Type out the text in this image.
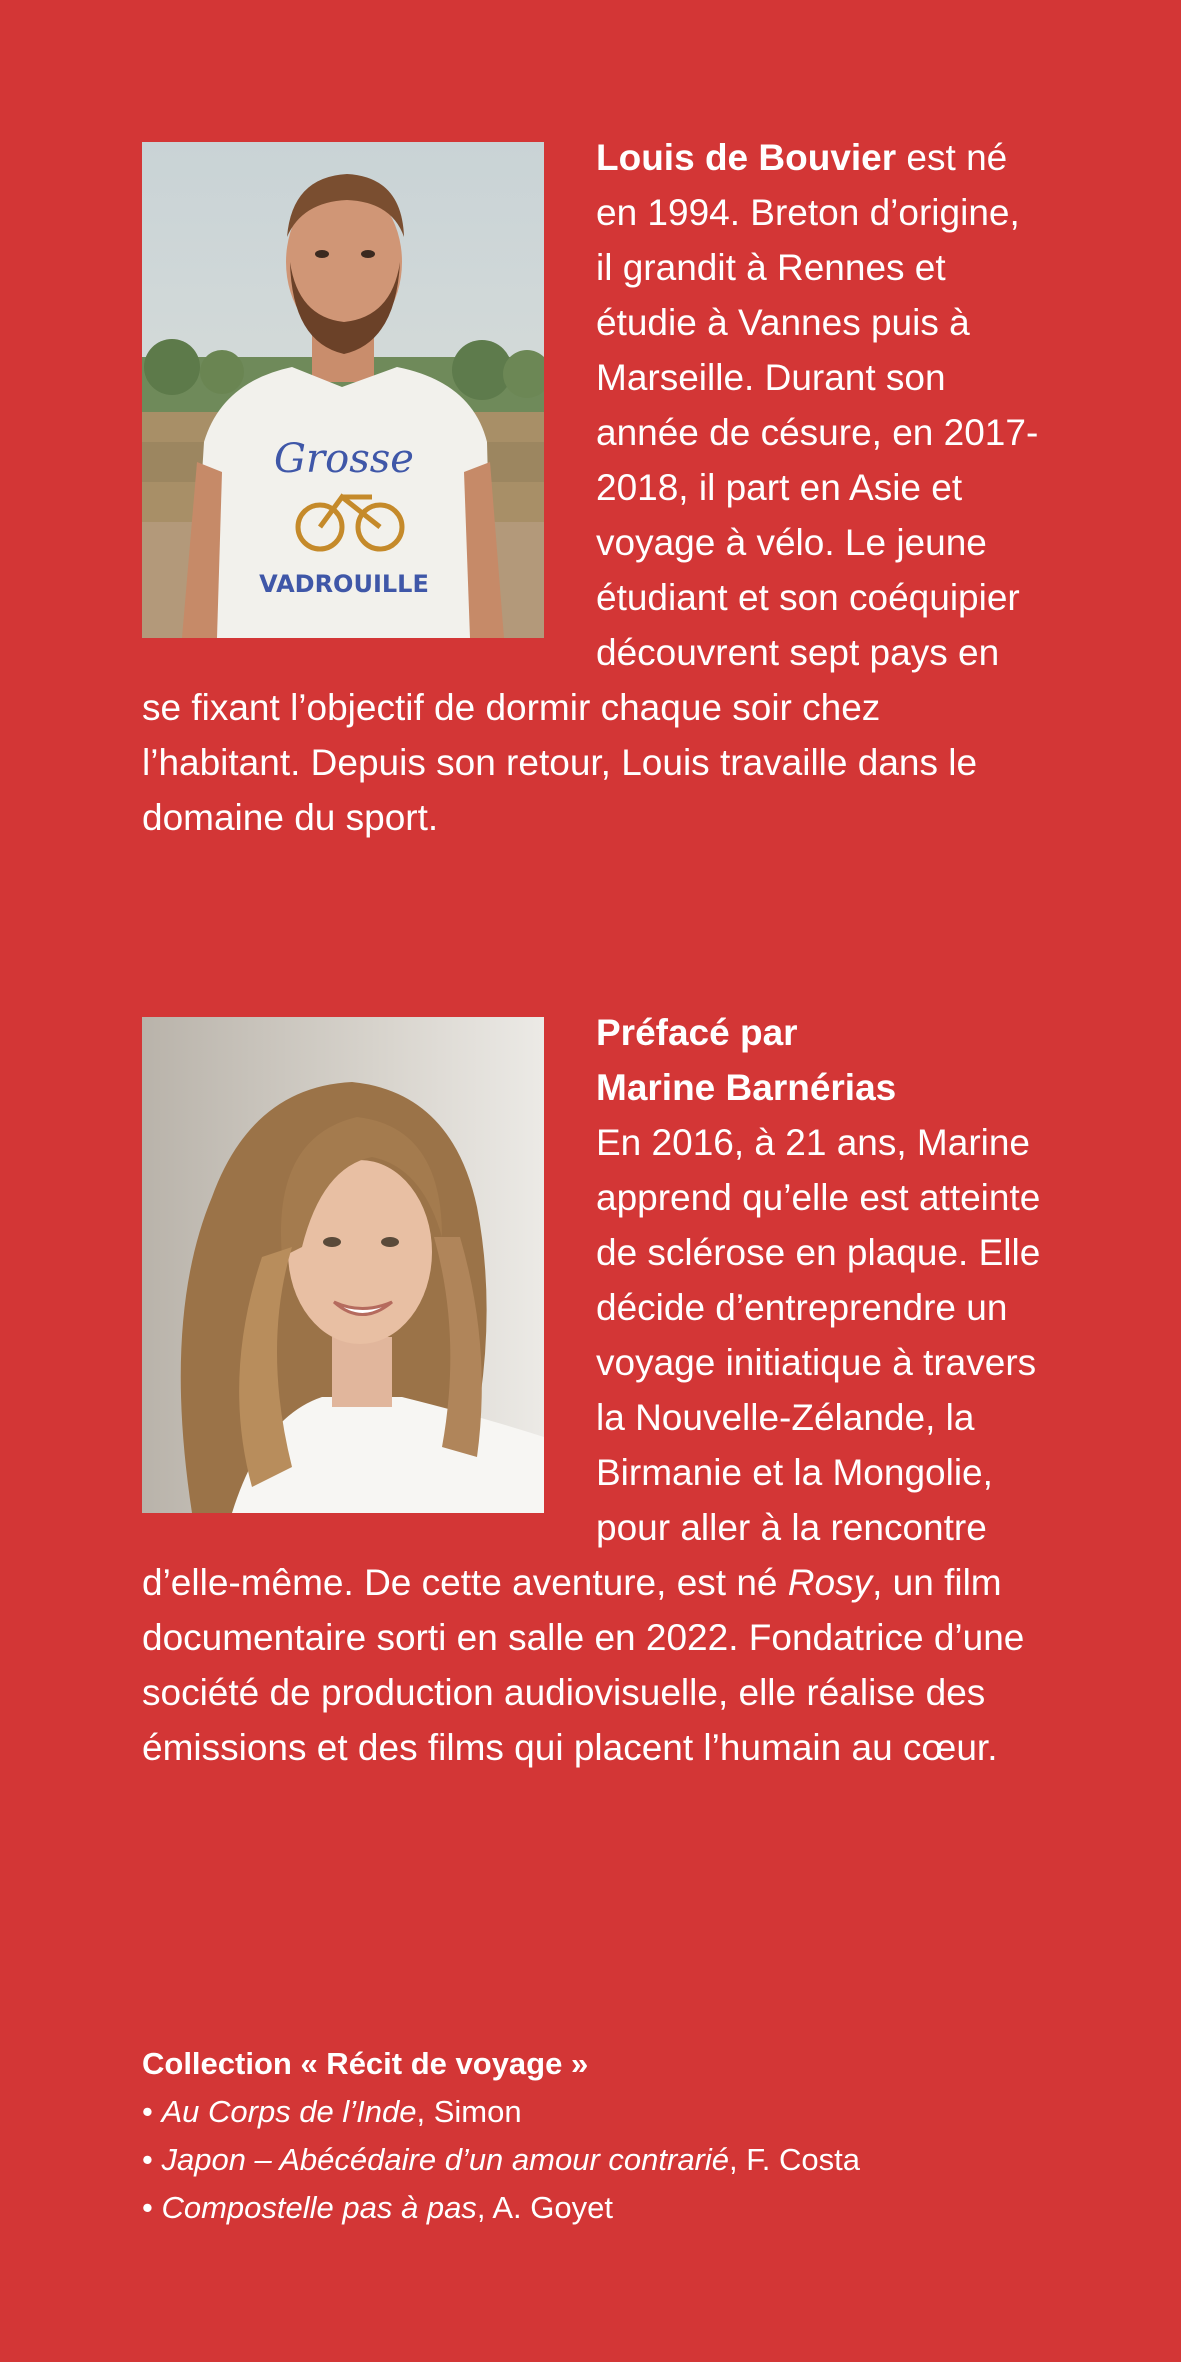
Grosse
VADROUILLE

Louis de Bouvier est né en 1994. Breton d’origine, il grandit à Rennes et étudie à Vannes puis à Marseille. Durant son année de césure, en 2017-2018, il part en Asie et voyage à vélo. Le jeune étudiant et son coéquipier découvrent sept pays en se fixant l’objectif de dormir chaque soir chez l’habitant. Depuis son retour, Louis travaille dans le domaine du sport.

Préfacé par
Marine Barnérias
En 2016, à 21 ans, Marine apprend qu’elle est atteinte de sclérose en plaque. Elle décide d’entreprendre un voyage initiatique à travers la Nouvelle-Zélande, la Birmanie et la Mongolie, pour aller à la rencontre d’elle-même. De cette aventure, est né Rosy, un film documentaire sorti en salle en 2022. Fondatrice d’une société de production audiovisuelle, elle réalise des émissions et des films qui placent l’humain au cœur.

Collection « Récit de voyage »
• Au Corps de l’Inde, Simon
• Japon – Abécédaire d’un amour contrarié, F. Costa
• Compostelle pas à pas, A. Goyet
